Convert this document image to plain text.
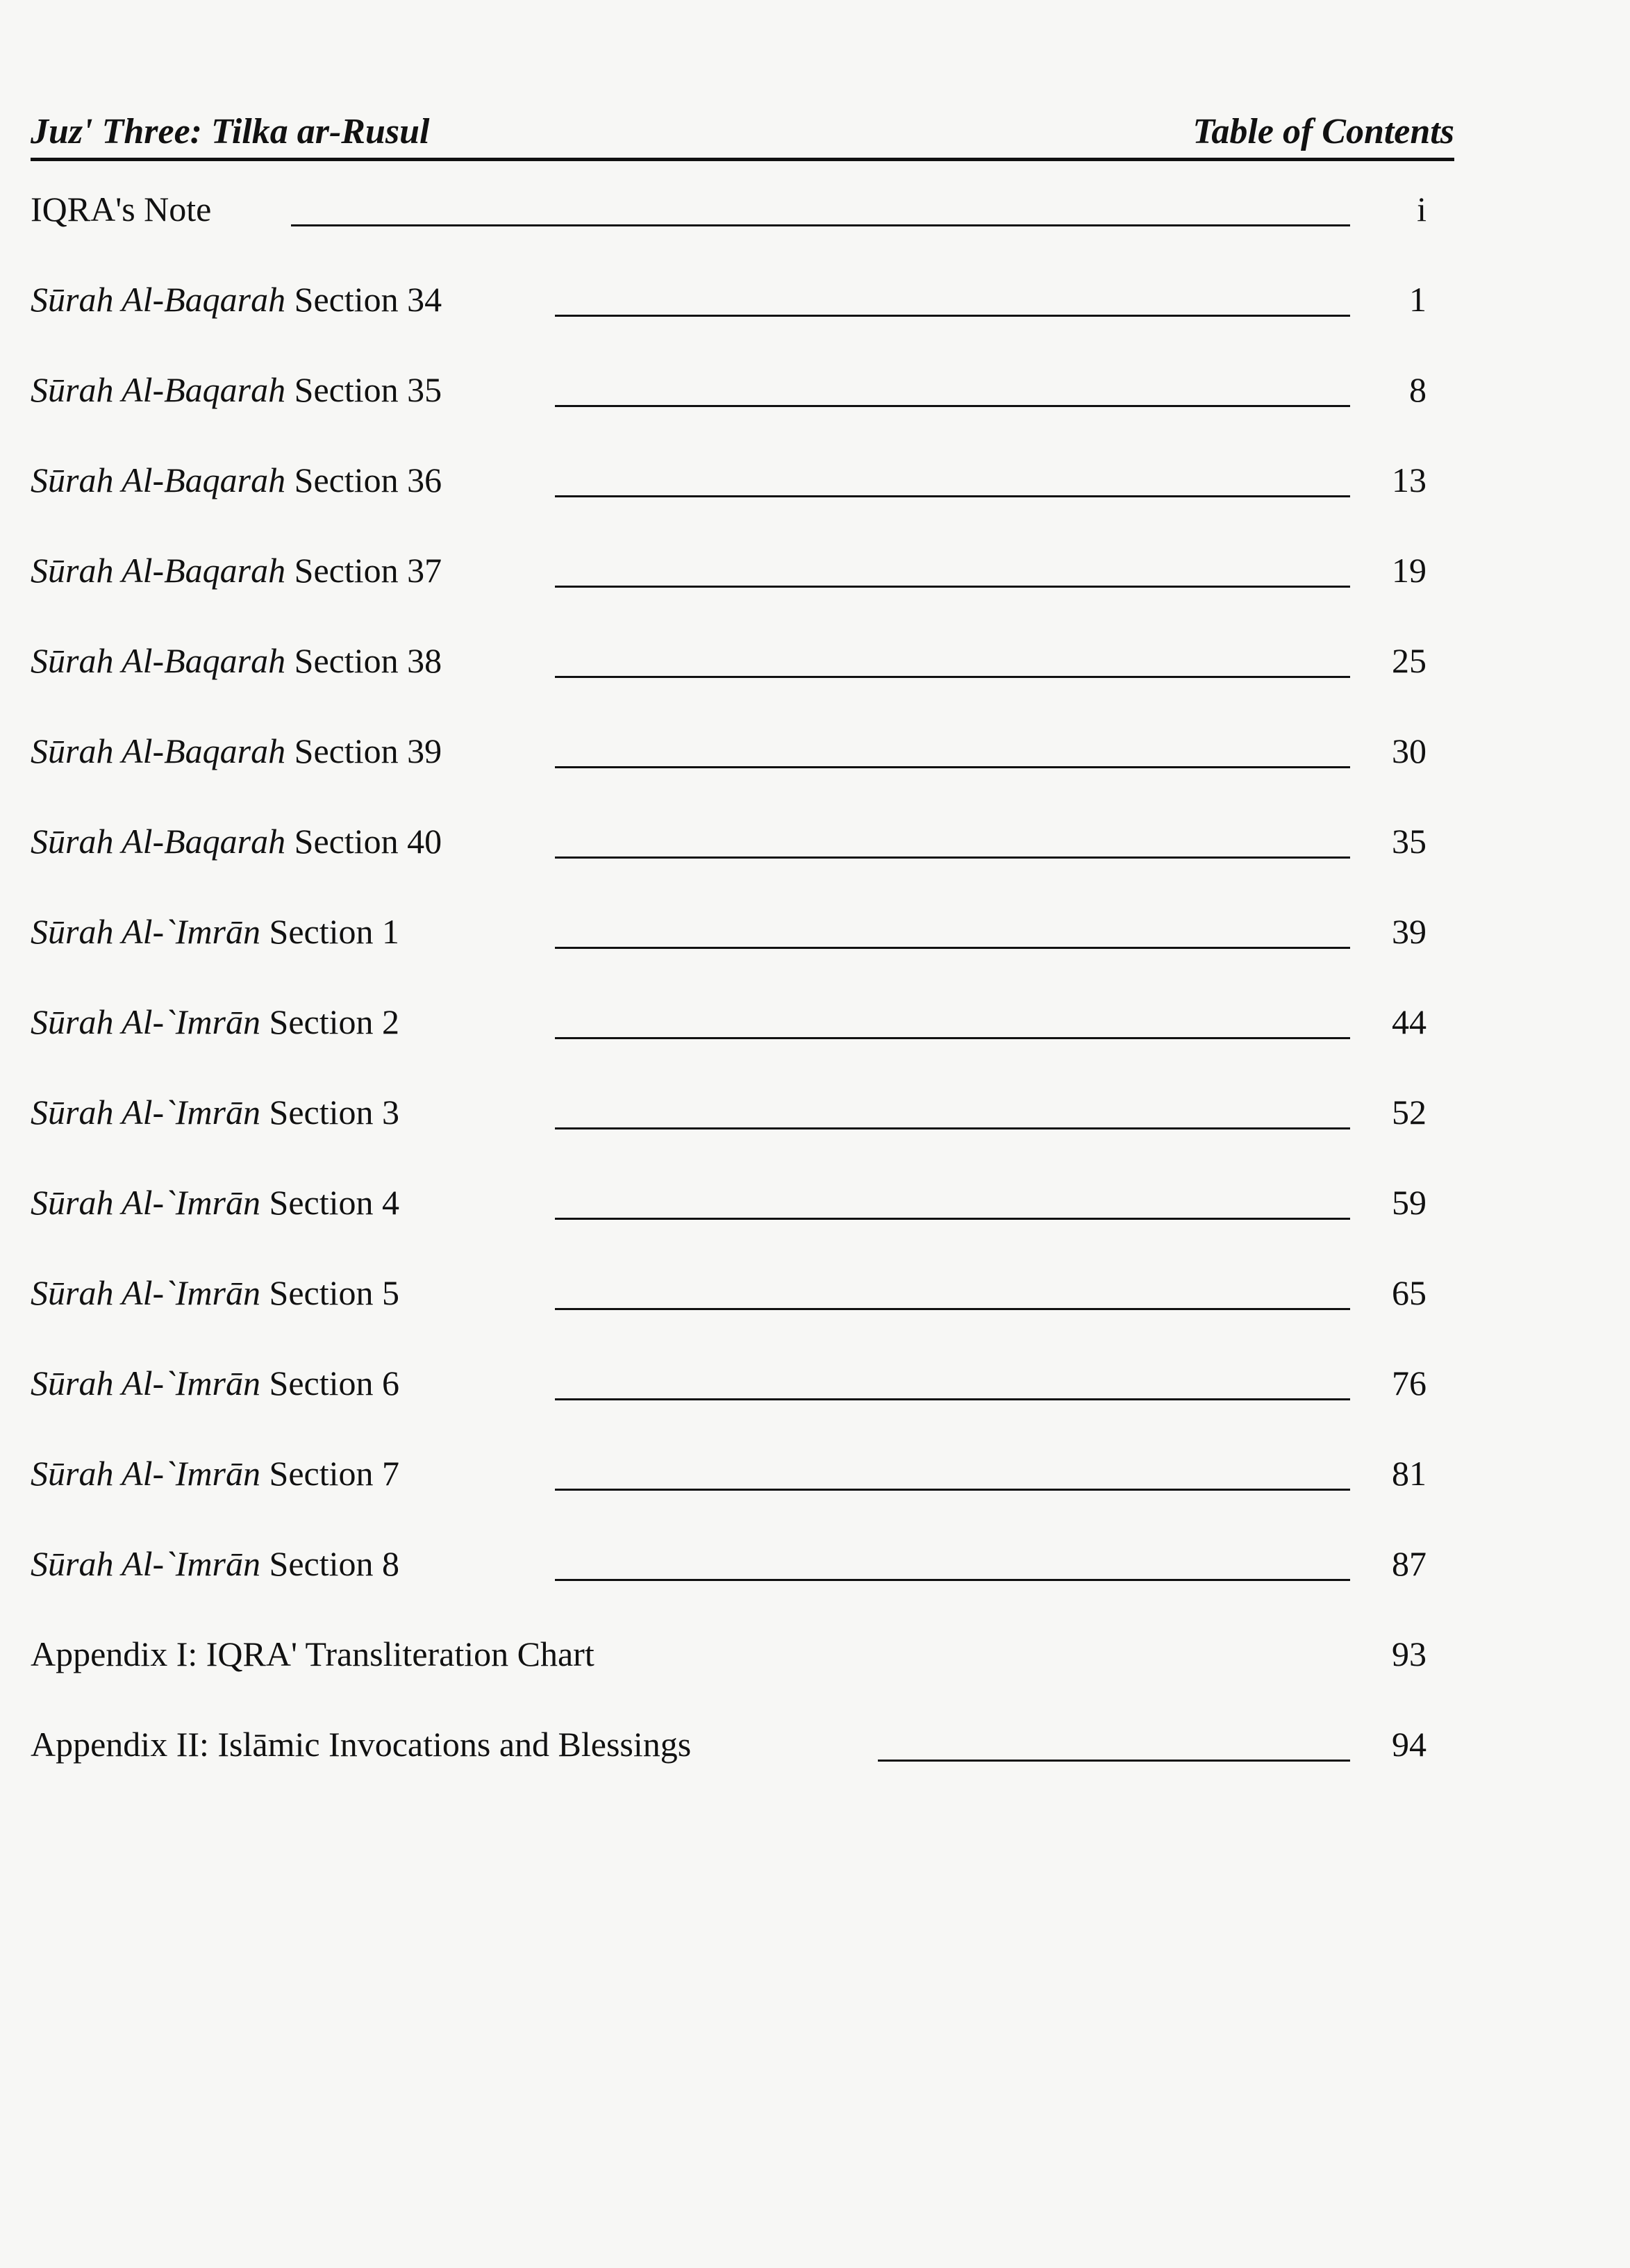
Juz' Three: Tilka ar-Rusul	Table of Contents
IQRA's Note	i
Sūrah Al-Baqarah Section 34	1
Sūrah Al-Baqarah Section 35	8
Sūrah Al-Baqarah Section 36	13
Sūrah Al-Baqarah Section 37	19
Sūrah Al-Baqarah Section 38	25
Sūrah Al-Baqarah Section 39	30
Sūrah Al-Baqarah Section 40	35
Sūrah Al-`Imrān Section 1	39
Sūrah Al-`Imrān Section 2	44
Sūrah Al-`Imrān Section 3	52
Sūrah Al-`Imrān Section 4	59
Sūrah Al-`Imrān Section 5	65
Sūrah Al-`Imrān Section 6	76
Sūrah Al-`Imrān Section 7	81
Sūrah Al-`Imrān Section 8	87
Appendix I: IQRA' Transliteration Chart	93
Appendix II: Islāmic Invocations and Blessings	94
